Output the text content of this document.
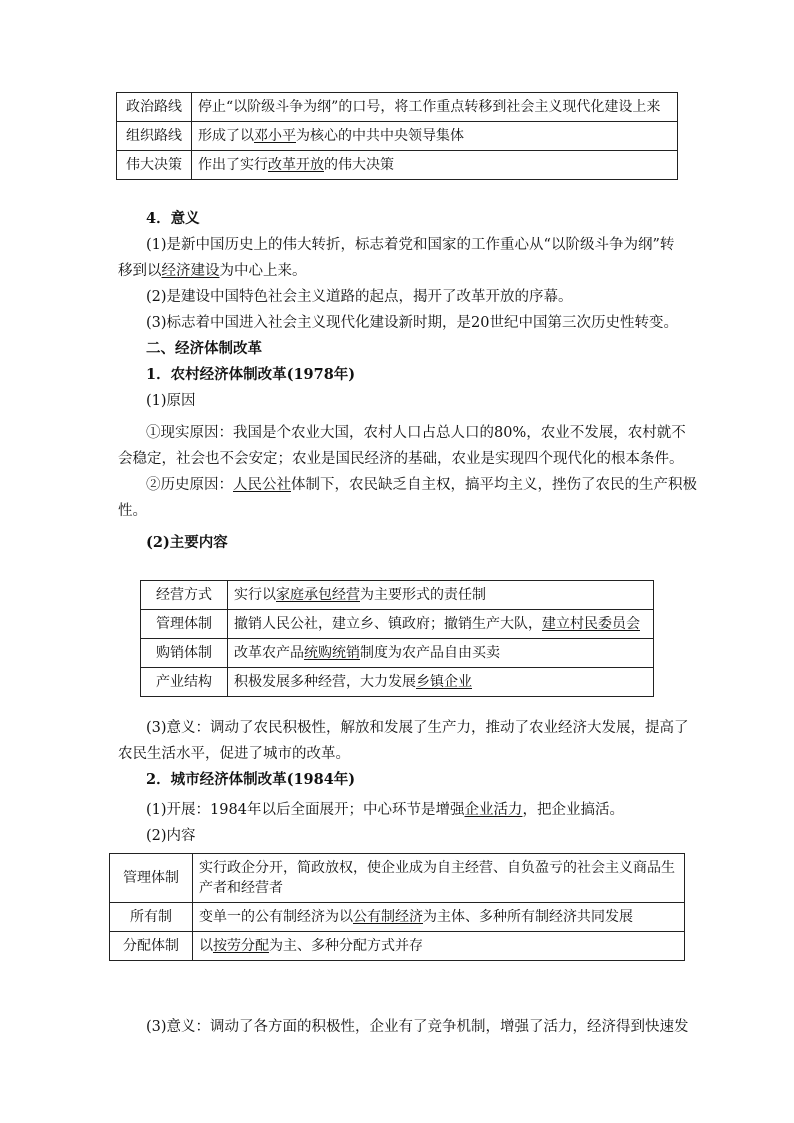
政治路线	停止“以阶级斗争为纲”的口号，将工作重点转移到社会主义现代化建设上来
组织路线	形成了以邓小平为核心的中共中央领导集体
伟大决策	作出了实行改革开放的伟大决策

4．意义

(1)是新中国历史上的伟大转折，标志着党和国家的工作重心从“以阶级斗争为纲”转

移到以经济建设为中心上来。

(2)是建设中国特色社会主义道路的起点，揭开了改革开放的序幕。

(3)标志着中国进入社会主义现代化建设新时期，是20世纪中国第三次历史性转变。

二、经济体制改革

1．农村经济体制改革(1978年)

(1)原因

①现实原因：我国是个农业大国，农村人口占总人口的80%，农业不发展，农村就不

会稳定，社会也不会安定；农业是国民经济的基础，农业是实现四个现代化的根本条件。

②历史原因：人民公社体制下，农民缺乏自主权，搞平均主义，挫伤了农民的生产积极

性。

(2)主要内容

经营方式	实行以家庭承包经营为主要形式的责任制
管理体制	撤销人民公社，建立乡、镇政府；撤销生产大队，建立村民委员会
购销体制	改革农产品统购统销制度为农产品自由买卖
产业结构	积极发展多种经营，大力发展乡镇企业

(3)意义：调动了农民积极性，解放和发展了生产力，推动了农业经济大发展，提高了

农民生活水平，促进了城市的改革。

2．城市经济体制改革(1984年)

(1)开展：1984年以后全面展开；中心环节是增强企业活力，把企业搞活。

(2)内容

管理体制	实行政企分开，简政放权，使企业成为自主经营、自负盈亏的社会主义商品生产者和经营者
所有制	变单一的公有制经济为以公有制经济为主体、多种所有制经济共同发展
分配体制	以按劳分配为主、多种分配方式并存

(3)意义：调动了各方面的积极性，企业有了竞争机制，增强了活力，经济得到快速发
